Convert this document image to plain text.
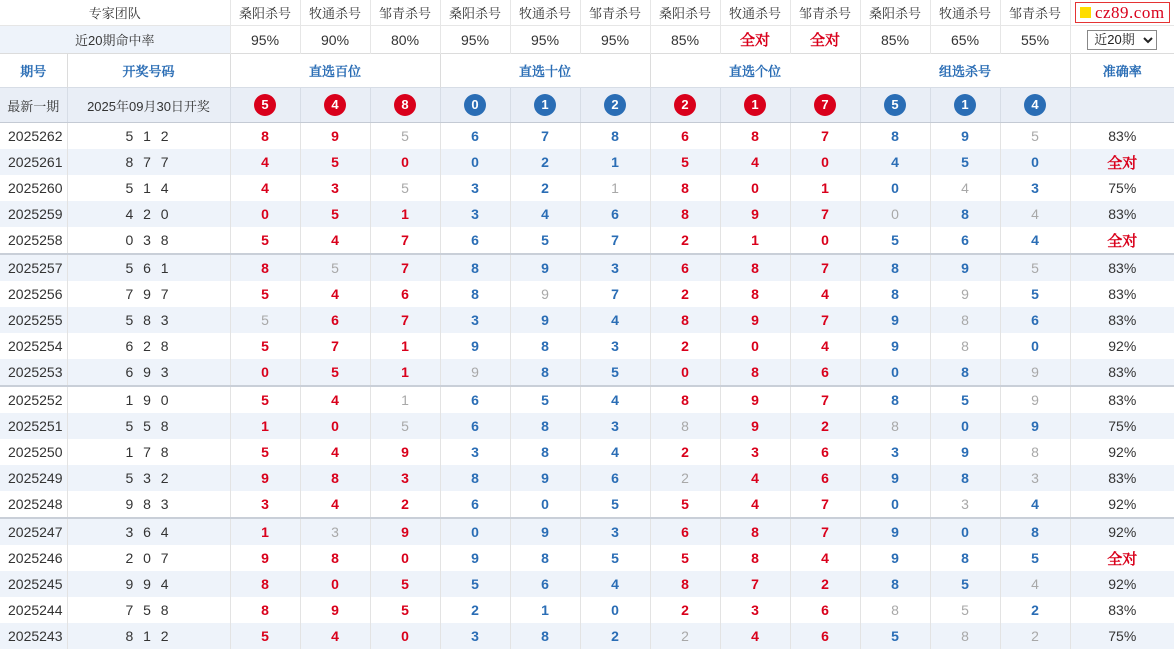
专家团队		桑阳杀号	牧通杀号	邹青杀号	桑阳杀号	牧通杀号	邹青杀号	桑阳杀号	牧通杀号	邹青杀号	桑阳杀号	牧通杀号	邹青杀号	cz89.com

近20期命中率		95%	90%	80%	95%	95%	95%	85%	全对	全对	85%	65%	55%	
近20期
期号	开奖号码	直选百位			直选十位			直选个位			组选杀号			准确率
最新一期	2025年09月30日开奖	5	4	8	0	1	2	2	1	7	5	1	4	
2025262	5 1 2	8	9	5	6	7	8	6	8	7	8	9	5	83%
2025261	8 7 7	4	5	0	0	2	1	5	4	0	4	5	0	全对
2025260	5 1 4	4	3	5	3	2	1	8	0	1	0	4	3	75%
2025259	4 2 0	0	5	1	3	4	6	8	9	7	0	8	4	83%
2025258	0 3 8	5	4	7	6	5	7	2	1	0	5	6	4	全对
2025257	5 6 1	8	5	7	8	9	3	6	8	7	8	9	5	83%
2025256	7 9 7	5	4	6	8	9	7	2	8	4	8	9	5	83%
2025255	5 8 3	5	6	7	3	9	4	8	9	7	9	8	6	83%
2025254	6 2 8	5	7	1	9	8	3	2	0	4	9	8	0	92%
2025253	6 9 3	0	5	1	9	8	5	0	8	6	0	8	9	83%
2025252	1 9 0	5	4	1	6	5	4	8	9	7	8	5	9	83%
2025251	5 5 8	1	0	5	6	8	3	8	9	2	8	0	9	75%
2025250	1 7 8	5	4	9	3	8	4	2	3	6	3	9	8	92%
2025249	5 3 2	9	8	3	8	9	6	2	4	6	9	8	3	83%
2025248	9 8 3	3	4	2	6	0	5	5	4	7	0	3	4	92%
2025247	3 6 4	1	3	9	0	9	3	6	8	7	9	0	8	92%
2025246	2 0 7	9	8	0	9	8	5	5	8	4	9	8	5	全对
2025245	9 9 4	8	0	5	5	6	4	8	7	2	8	5	4	92%
2025244	7 5 8	8	9	5	2	1	0	2	3	6	8	5	2	83%
2025243	8 1 2	5	4	0	3	8	2	2	4	6	5	8	2	75%
